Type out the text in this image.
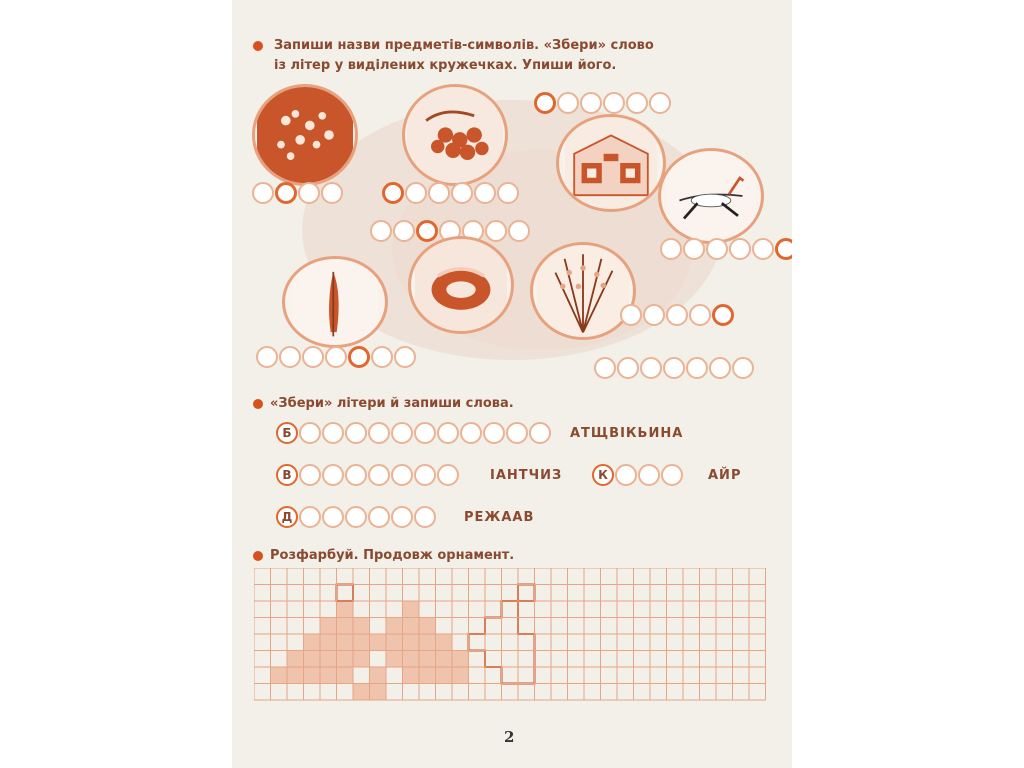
Запиши назви предметів-символів. «Збери» слово
із літер у виділених кружечках. Упиши його.
«Збери» літери й запиши слова.
Б	АТЩВІКЬИНА
В	ІАНТЧИЗ	К	АЙР
Д	РЕЖААВ
Розфарбуй. Продовж орнамент.
2
